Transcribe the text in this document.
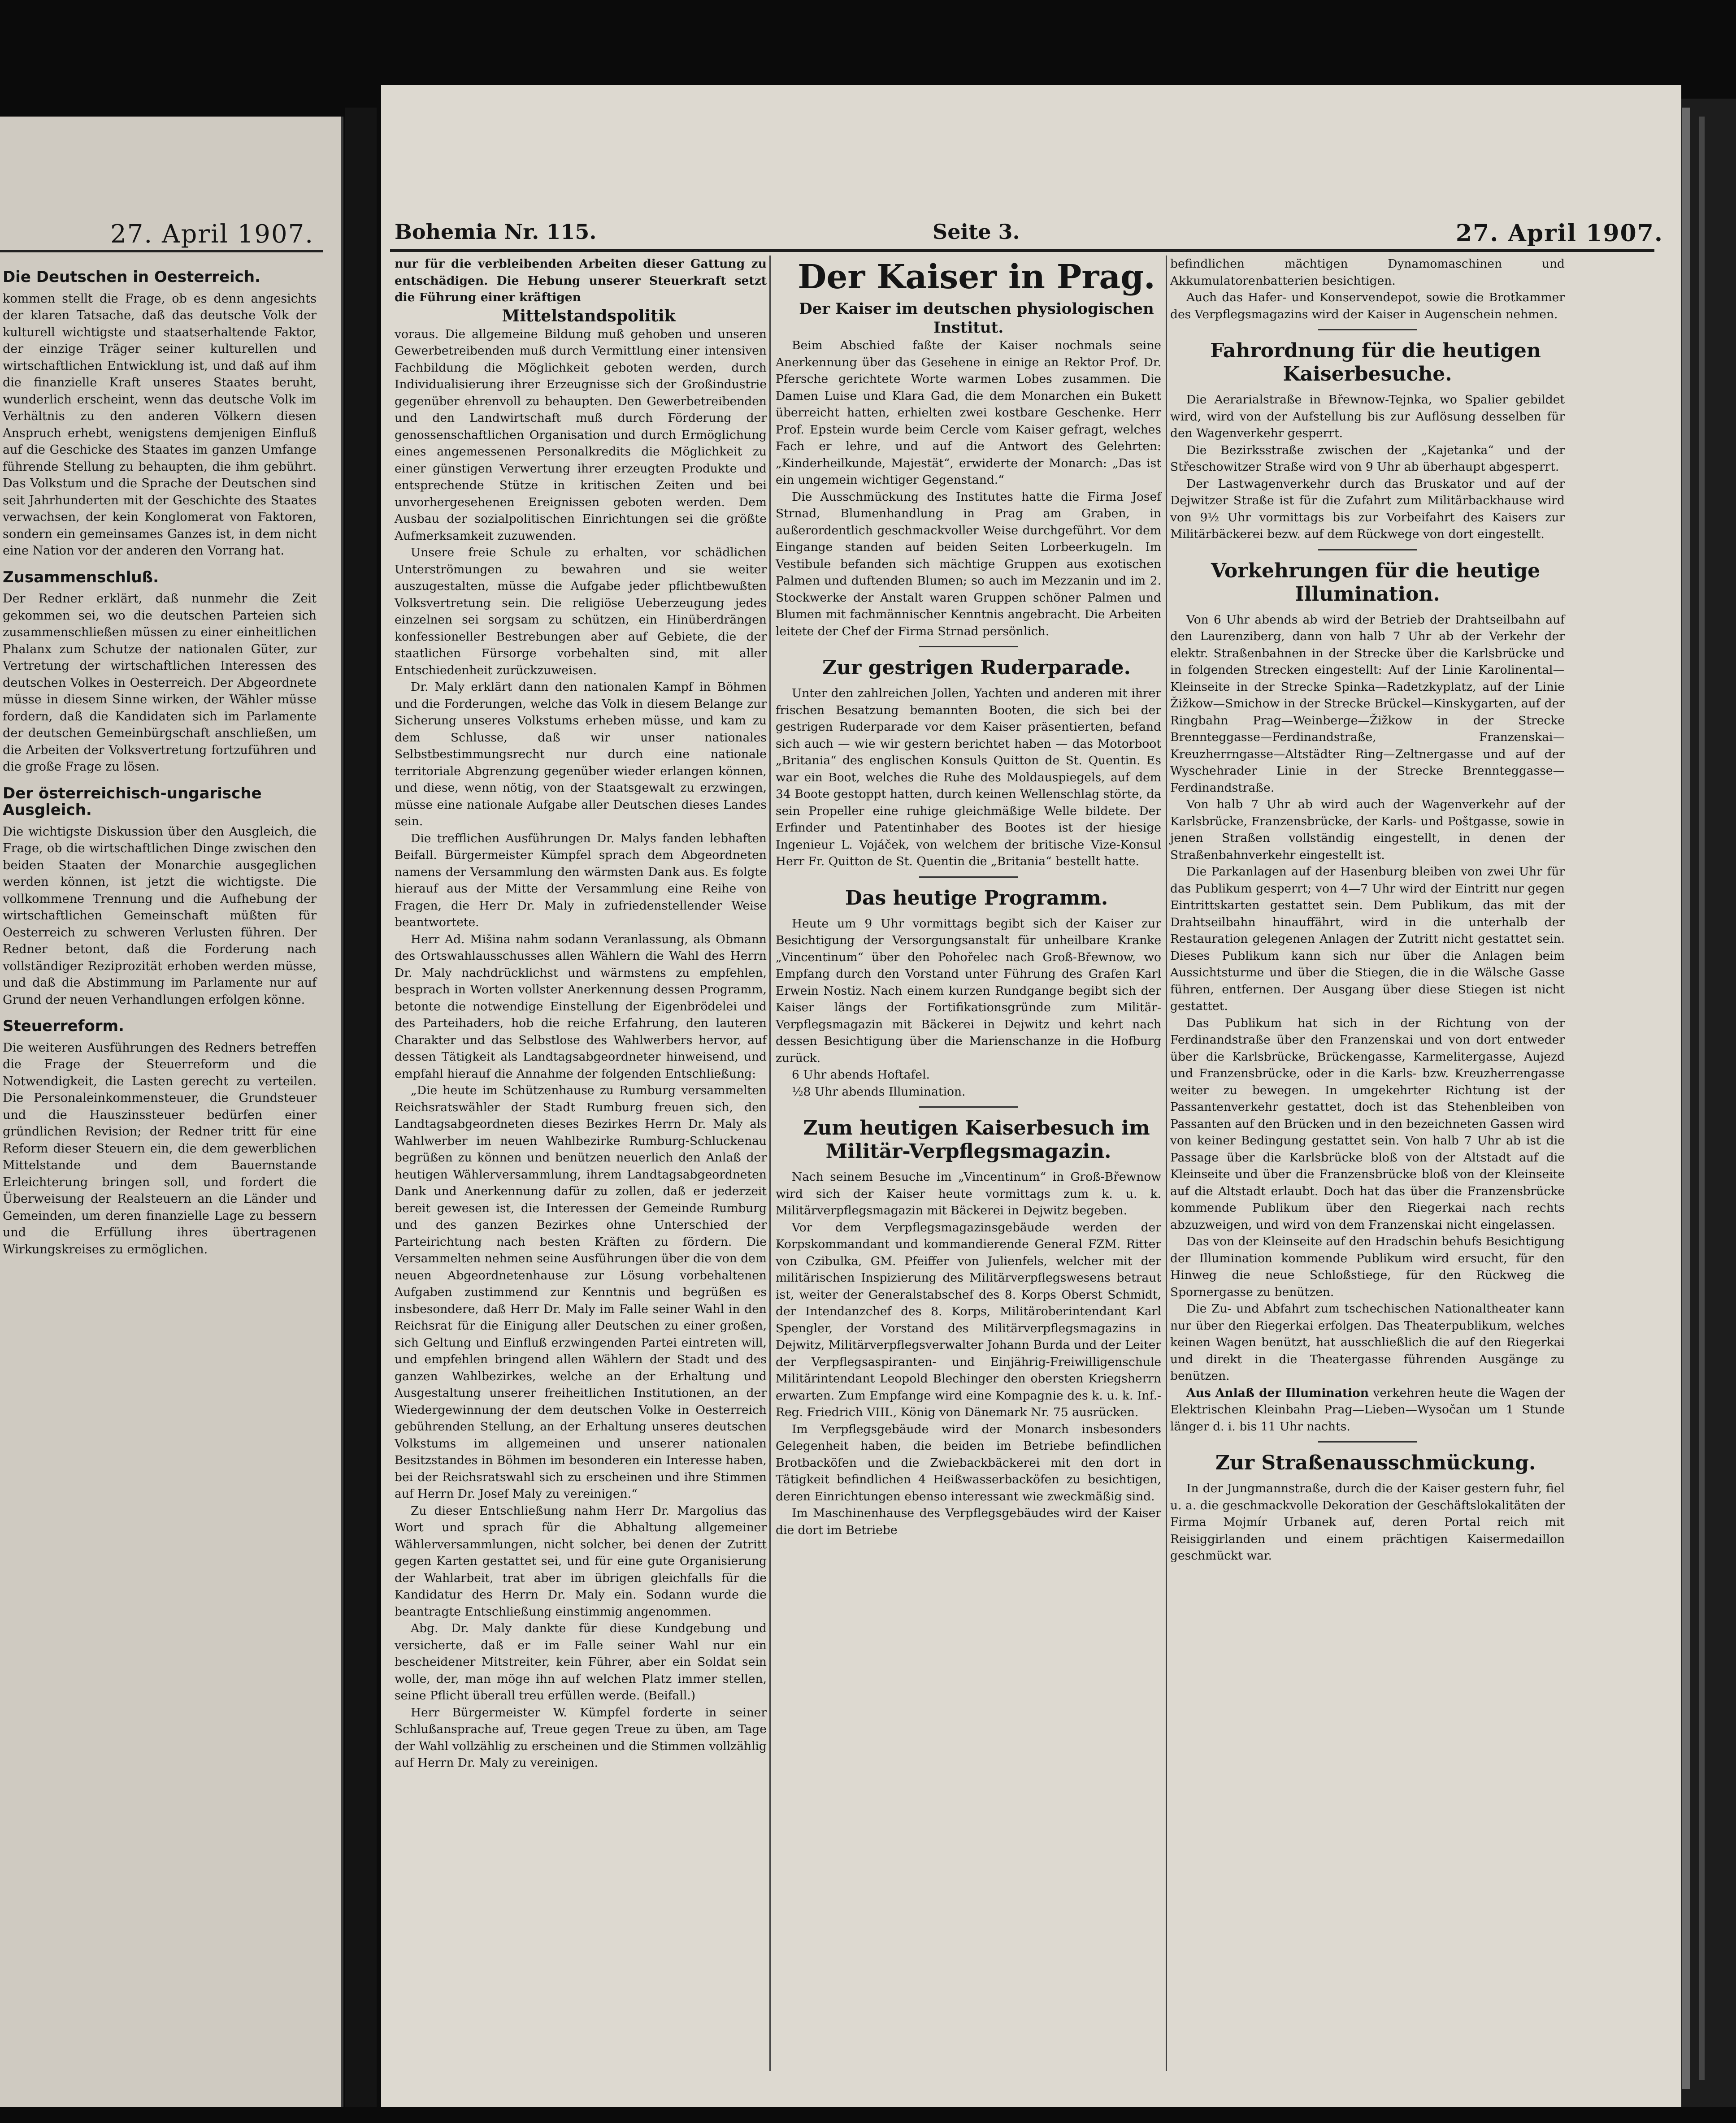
27. April 1907.

Die Deutschen in Oesterreich.

kommen stellt die Frage, ob es denn angesichts der klaren Tatsache, daß das deutsche Volk der kulturell wichtigste und staatserhaltende Faktor, der einzige Träger seiner kulturellen und wirtschaftlichen Entwicklung ist, und daß auf ihm die finanzielle Kraft unseres Staates beruht, wunderlich erscheint, wenn das deutsche Volk im Verhältnis zu den anderen Völkern diesen Anspruch erhebt, wenigstens demjenigen Einfluß auf die Geschicke des Staates im ganzen Umfange führende Stellung zu behaupten, die ihm gebührt. Das Volkstum und die Sprache der Deutschen sind seit Jahrhunderten mit der Geschichte des Staates verwachsen, der kein Konglomerat von Faktoren, sondern ein gemeinsames Ganzes ist, in dem nicht eine Nation vor der anderen den Vorrang hat.

Zusammenschluß.

Der Redner erklärt, daß nunmehr die Zeit gekommen sei, wo die deutschen Parteien sich zusammenschließen müssen zu einer einheitlichen Phalanx zum Schutze der nationalen Güter, zur Vertretung der wirtschaftlichen Interessen des deutschen Volkes in Oesterreich. Der Abgeordnete müsse in diesem Sinne wirken, der Wähler müsse fordern, daß die Kandidaten sich im Parlamente der deutschen Gemeinbürgschaft anschließen, um die Arbeiten der Volksvertretung fortzuführen und die große Frage zu lösen.

Der österreichisch-ungarische Ausgleich.

Die wichtigste Diskussion über den Ausgleich, die Frage, ob die wirtschaftlichen Dinge zwischen den beiden Staaten der Monarchie ausgeglichen werden können, ist jetzt die wichtigste. Die vollkommene Trennung und die Aufhebung der wirtschaftlichen Gemeinschaft müßten für Oesterreich zu schweren Verlusten führen. Der Redner betont, daß die Forderung nach vollständiger Reziprozität erhoben werden müsse, und daß die Abstimmung im Parlamente nur auf Grund der neuen Verhandlungen erfolgen könne.

Steuerreform.

Die weiteren Ausführungen des Redners betreffen die Frage der Steuerreform und die Notwendigkeit, die Lasten gerecht zu verteilen. Die Personaleinkommensteuer, die Grundsteuer und die Hauszinssteuer bedürfen einer gründlichen Revision; der Redner tritt für eine Reform dieser Steuern ein, die dem gewerblichen Mittelstande und dem Bauernstande Erleichterung bringen soll, und fordert die Überweisung der Realsteuern an die Länder und Gemeinden, um deren finanzielle Lage zu bessern und die Erfüllung ihres übertragenen Wirkungskreises zu ermöglichen.

Bohemia Nr. 115.	Seite 3.	27. April 1907.

nur für die verbleibenden Arbeiten dieser Gattung zu entschädigen. Die Hebung unserer Steuerkraft setzt die Führung einer kräftigen

Mittelstandspolitik

voraus. Die allgemeine Bildung muß gehoben und unseren Gewerbetreibenden muß durch Vermittlung einer intensiven Fachbildung die Möglichkeit geboten werden, durch Individualisierung ihrer Erzeugnisse sich der Großindustrie gegenüber ehrenvoll zu behaupten. Den Gewerbetreibenden und den Landwirtschaft muß durch Förderung der genossenschaftlichen Organisation und durch Ermöglichung eines angemessenen Personalkredits die Möglichkeit zu einer günstigen Verwertung ihrer erzeugten Produkte und entsprechende Stütze in kritischen Zeiten und bei unvorhergesehenen Ereignissen geboten werden. Dem Ausbau der sozialpolitischen Einrichtungen sei die größte Aufmerksamkeit zuzuwenden.

Unsere freie Schule zu erhalten, vor schädlichen Unterströmungen zu bewahren und sie weiter auszugestalten, müsse die Aufgabe jeder pflichtbewußten Volksvertretung sein. Die religiöse Ueberzeugung jedes einzelnen sei sorgsam zu schützen, ein Hinüberdrängen konfessioneller Bestrebungen aber auf Gebiete, die der staatlichen Fürsorge vorbehalten sind, mit aller Entschiedenheit zurückzuweisen.

Dr. Maly erklärt dann den nationalen Kampf in Böhmen und die Forderungen, welche das Volk in diesem Belange zur Sicherung unseres Volkstums erheben müsse, und kam zu dem Schlusse, daß wir unser nationales Selbstbestimmungsrecht nur durch eine nationale territoriale Abgrenzung gegenüber wieder erlangen können, und diese, wenn nötig, von der Staatsgewalt zu erzwingen, müsse eine nationale Aufgabe aller Deutschen dieses Landes sein.

Die trefflichen Ausführungen Dr. Malys fanden lebhaften Beifall. Bürgermeister Kümpfel sprach dem Abgeordneten namens der Versammlung den wärmsten Dank aus. Es folgte hierauf aus der Mitte der Versammlung eine Reihe von Fragen, die Herr Dr. Maly in zufriedenstellender Weise beantwortete.

Herr Ad. Mišina nahm sodann Veranlassung, als Obmann des Ortswahlausschusses allen Wählern die Wahl des Herrn Dr. Maly nachdrücklichst und wärmstens zu empfehlen, besprach in Worten vollster Anerkennung dessen Programm, betonte die notwendige Einstellung der Eigenbrödelei und des Parteihaders, hob die reiche Erfahrung, den lauteren Charakter und das Selbstlose des Wahlwerbers hervor, auf dessen Tätigkeit als Landtagsabgeordneter hinweisend, und empfahl hierauf die Annahme der folgenden Entschließung:

„Die heute im Schützenhause zu Rumburg versammelten Reichsratswähler der Stadt Rumburg freuen sich, den Landtagsabgeordneten dieses Bezirkes Herrn Dr. Maly als Wahlwerber im neuen Wahlbezirke Rumburg-Schluckenau begrüßen zu können und benützen neuerlich den Anlaß der heutigen Wählerversammlung, ihrem Landtagsabgeordneten Dank und Anerkennung dafür zu zollen, daß er jederzeit bereit gewesen ist, die Interessen der Gemeinde Rumburg und des ganzen Bezirkes ohne Unterschied der Parteirichtung nach besten Kräften zu fördern. Die Versammelten nehmen seine Ausführungen über die von dem neuen Abgeordnetenhause zur Lösung vorbehaltenen Aufgaben zustimmend zur Kenntnis und begrüßen es insbesondere, daß Herr Dr. Maly im Falle seiner Wahl in den Reichsrat für die Einigung aller Deutschen zu einer großen, sich Geltung und Einfluß erzwingenden Partei eintreten will, und empfehlen bringend allen Wählern der Stadt und des ganzen Wahlbezirkes, welche an der Erhaltung und Ausgestaltung unserer freiheitlichen Institutionen, an der Wiedergewinnung der dem deutschen Volke in Oesterreich gebührenden Stellung, an der Erhaltung unseres deutschen Volkstums im allgemeinen und unserer nationalen Besitzstandes in Böhmen im besonderen ein Interesse haben, bei der Reichsratswahl sich zu erscheinen und ihre Stimmen auf Herrn Dr. Josef Maly zu vereinigen.“

Zu dieser Entschließung nahm Herr Dr. Margolius das Wort und sprach für die Abhaltung allgemeiner Wählerversammlungen, nicht solcher, bei denen der Zutritt gegen Karten gestattet sei, und für eine gute Organisierung der Wahlarbeit, trat aber im übrigen gleichfalls für die Kandidatur des Herrn Dr. Maly ein. Sodann wurde die beantragte Entschließung einstimmig angenommen.

Abg. Dr. Maly dankte für diese Kundgebung und versicherte, daß er im Falle seiner Wahl nur ein bescheidener Mitstreiter, kein Führer, aber ein Soldat sein wolle, der, man möge ihn auf welchen Platz immer stellen, seine Pflicht überall treu erfüllen werde. (Beifall.)

Herr Bürgermeister W. Kümpfel forderte in seiner Schlußansprache auf, Treue gegen Treue zu üben, am Tage der Wahl vollzählig zu erscheinen und die Stimmen vollzählig auf Herrn Dr. Maly zu vereinigen.

Der Kaiser in Prag.

Der Kaiser im deutschen physiologischen Institut.

Beim Abschied faßte der Kaiser nochmals seine Anerkennung über das Gesehene in einige an Rektor Prof. Dr. Pfersche gerichtete Worte warmen Lobes zusammen. Die Damen Luise und Klara Gad, die dem Monarchen ein Bukett überreicht hatten, erhielten zwei kostbare Geschenke. Herr Prof. Epstein wurde beim Cercle vom Kaiser gefragt, welches Fach er lehre, und auf die Antwort des Gelehrten: „Kinderheilkunde, Majestät“, erwiderte der Monarch: „Das ist ein ungemein wichtiger Gegenstand.“

Die Ausschmückung des Institutes hatte die Firma Josef Strnad, Blumenhandlung in Prag am Graben, in außerordentlich geschmackvoller Weise durchgeführt. Vor dem Eingange standen auf beiden Seiten Lorbeerkugeln. Im Vestibule befanden sich mächtige Gruppen aus exotischen Palmen und duftenden Blumen; so auch im Mezzanin und im 2. Stockwerke der Anstalt waren Gruppen schöner Palmen und Blumen mit fachmännischer Kenntnis angebracht. Die Arbeiten leitete der Chef der Firma Strnad persönlich.

Zur gestrigen Ruderparade.

Unter den zahlreichen Jollen, Yachten und anderen mit ihrer frischen Besatzung bemannten Booten, die sich bei der gestrigen Ruderparade vor dem Kaiser präsentierten, befand sich auch — wie wir gestern berichtet haben — das Motorboot „Britania“ des englischen Konsuls Quitton de St. Quentin. Es war ein Boot, welches die Ruhe des Moldauspiegels, auf dem 34 Boote gestoppt hatten, durch keinen Wellenschlag störte, da sein Propeller eine ruhige gleichmäßige Welle bildete. Der Erfinder und Patentinhaber des Bootes ist der hiesige Ingenieur L. Vojáček, von welchem der britische Vize-Konsul Herr Fr. Quitton de St. Quentin die „Britania“ bestellt hatte.

Das heutige Programm.

Heute um 9 Uhr vormittags begibt sich der Kaiser zur Besichtigung der Versorgungsanstalt für unheilbare Kranke „Vincentinum“ über den Pohořelec nach Groß-Břewnow, wo Empfang durch den Vorstand unter Führung des Grafen Karl Erwein Nostiz. Nach einem kurzen Rundgange begibt sich der Kaiser längs der Fortifikationsgründe zum Militär-Verpflegsmagazin mit Bäckerei in Dejwitz und kehrt nach dessen Besichtigung über die Marienschanze in die Hofburg zurück.

6 Uhr abends Hoftafel.

½8 Uhr abends Illumination.

Zum heutigen Kaiserbesuch im Militär-Verpflegsmagazin.

Nach seinem Besuche im „Vincentinum“ in Groß-Břewnow wird sich der Kaiser heute vormittags zum k. u. k. Militärverpflegsmagazin mit Bäckerei in Dejwitz begeben.

Vor dem Verpflegsmagazinsgebäude werden der Korpskommandant und kommandierende General FZM. Ritter von Czibulka, GM. Pfeiffer von Julienfels, welcher mit der militärischen Inspizierung des Militärverpflegswesens betraut ist, weiter der Generalstabschef des 8. Korps Oberst Schmidt, der Intendanzchef des 8. Korps, Militäroberintendant Karl Spengler, der Vorstand des Militärverpflegsmagazins in Dejwitz, Militärverpflegsverwalter Johann Burda und der Leiter der Verpflegsaspiranten- und Einjährig-Freiwilligenschule Militärintendant Leopold Blechinger den obersten Kriegsherrn erwarten. Zum Empfange wird eine Kompagnie des k. u. k. Inf.-Reg. Friedrich VIII., König von Dänemark Nr. 75 ausrücken.

Im Verpflegsgebäude wird der Monarch insbesonders Gelegenheit haben, die beiden im Betriebe befindlichen Brotbacköfen und die Zwiebackbäckerei mit den dort in Tätigkeit befindlichen 4 Heißwasserbacköfen zu besichtigen, deren Einrichtungen ebenso interessant wie zweckmäßig sind.

Im Maschinenhause des Verpflegsgebäudes wird der Kaiser die dort im Betriebe

befindlichen mächtigen Dynamomaschinen und Akkumulatorenbatterien besichtigen.

Auch das Hafer- und Konservendepot, sowie die Brotkammer des Verpflegsmagazins wird der Kaiser in Augenschein nehmen.

Fahrordnung für die heutigen Kaiserbesuche.

Die Aerarialstraße in Břewnow-Tejnka, wo Spalier gebildet wird, wird von der Aufstellung bis zur Auflösung desselben für den Wagenverkehr gesperrt.

Die Bezirksstraße zwischen der „Kajetanka“ und der Střeschowitzer Straße wird von 9 Uhr ab überhaupt abgesperrt.

Der Lastwagenverkehr durch das Bruskator und auf der Dejwitzer Straße ist für die Zufahrt zum Militärbackhause wird von 9½ Uhr vormittags bis zur Vorbeifahrt des Kaisers zur Militärbäckerei bezw. auf dem Rückwege von dort eingestellt.

Vorkehrungen für die heutige Illumination.

Von 6 Uhr abends ab wird der Betrieb der Drahtseilbahn auf den Laurenziberg, dann von halb 7 Uhr ab der Verkehr der elektr. Straßenbahnen in der Strecke über die Karlsbrücke und in folgenden Strecken eingestellt: Auf der Linie Karolinental—Kleinseite in der Strecke Spinka—Radetzkyplatz, auf der Linie Žižkow—Smichow in der Strecke Brückel—Kinskygarten, auf der Ringbahn Prag—Weinberge—Žižkow in der Strecke Brennteggasse—Ferdinandstraße, Franzenskai—Kreuzherrngasse—Altstädter Ring—Zeltnergasse und auf der Wyschehrader Linie in der Strecke Brennteggasse—Ferdinandstraße.

Von halb 7 Uhr ab wird auch der Wagenverkehr auf der Karlsbrücke, Franzensbrücke, der Karls- und Poštgasse, sowie in jenen Straßen vollständig eingestellt, in denen der Straßenbahnverkehr eingestellt ist.

Die Parkanlagen auf der Hasenburg bleiben von zwei Uhr für das Publikum gesperrt; von 4—7 Uhr wird der Eintritt nur gegen Eintrittskarten gestattet sein. Dem Publikum, das mit der Drahtseilbahn hinauffährt, wird in die unterhalb der Restauration gelegenen Anlagen der Zutritt nicht gestattet sein. Dieses Publikum kann sich nur über die Anlagen beim Aussichtsturme und über die Stiegen, die in die Wälsche Gasse führen, entfernen. Der Ausgang über diese Stiegen ist nicht gestattet.

Das Publikum hat sich in der Richtung von der Ferdinandstraße über den Franzenskai und von dort entweder über die Karlsbrücke, Brückengasse, Karmelitergasse, Aujezd und Franzensbrücke, oder in die Karls- bzw. Kreuzherrengasse weiter zu bewegen. In umgekehrter Richtung ist der Passantenverkehr gestattet, doch ist das Stehenbleiben von Passanten auf den Brücken und in den bezeichneten Gassen wird von keiner Bedingung gestattet sein. Von halb 7 Uhr ab ist die Passage über die Karlsbrücke bloß von der Altstadt auf die Kleinseite und über die Franzensbrücke bloß von der Kleinseite auf die Altstadt erlaubt. Doch hat das über die Franzensbrücke kommende Publikum über den Riegerkai nach rechts abzuzweigen, und wird von dem Franzenskai nicht eingelassen.

Das von der Kleinseite auf den Hradschin behufs Besichtigung der Illumination kommende Publikum wird ersucht, für den Hinweg die neue Schloßstiege, für den Rückweg die Spornergasse zu benützen.

Die Zu- und Abfahrt zum tschechischen Nationaltheater kann nur über den Riegerkai erfolgen. Das Theaterpublikum, welches keinen Wagen benützt, hat ausschließlich die auf den Riegerkai und direkt in die Theatergasse führenden Ausgänge zu benützen.

Aus Anlaß der Illumination verkehren heute die Wagen der Elektrischen Kleinbahn Prag—Lieben—Wysočan um 1 Stunde länger d. i. bis 11 Uhr nachts.

Zur Straßenausschmückung.

In der Jungmannstraße, durch die der Kaiser gestern fuhr, fiel u. a. die geschmackvolle Dekoration der Geschäftslokalitäten der Firma Mojmír Urbanek auf, deren Portal reich mit Reisiggirlanden und einem prächtigen Kaisermedaillon geschmückt war.
